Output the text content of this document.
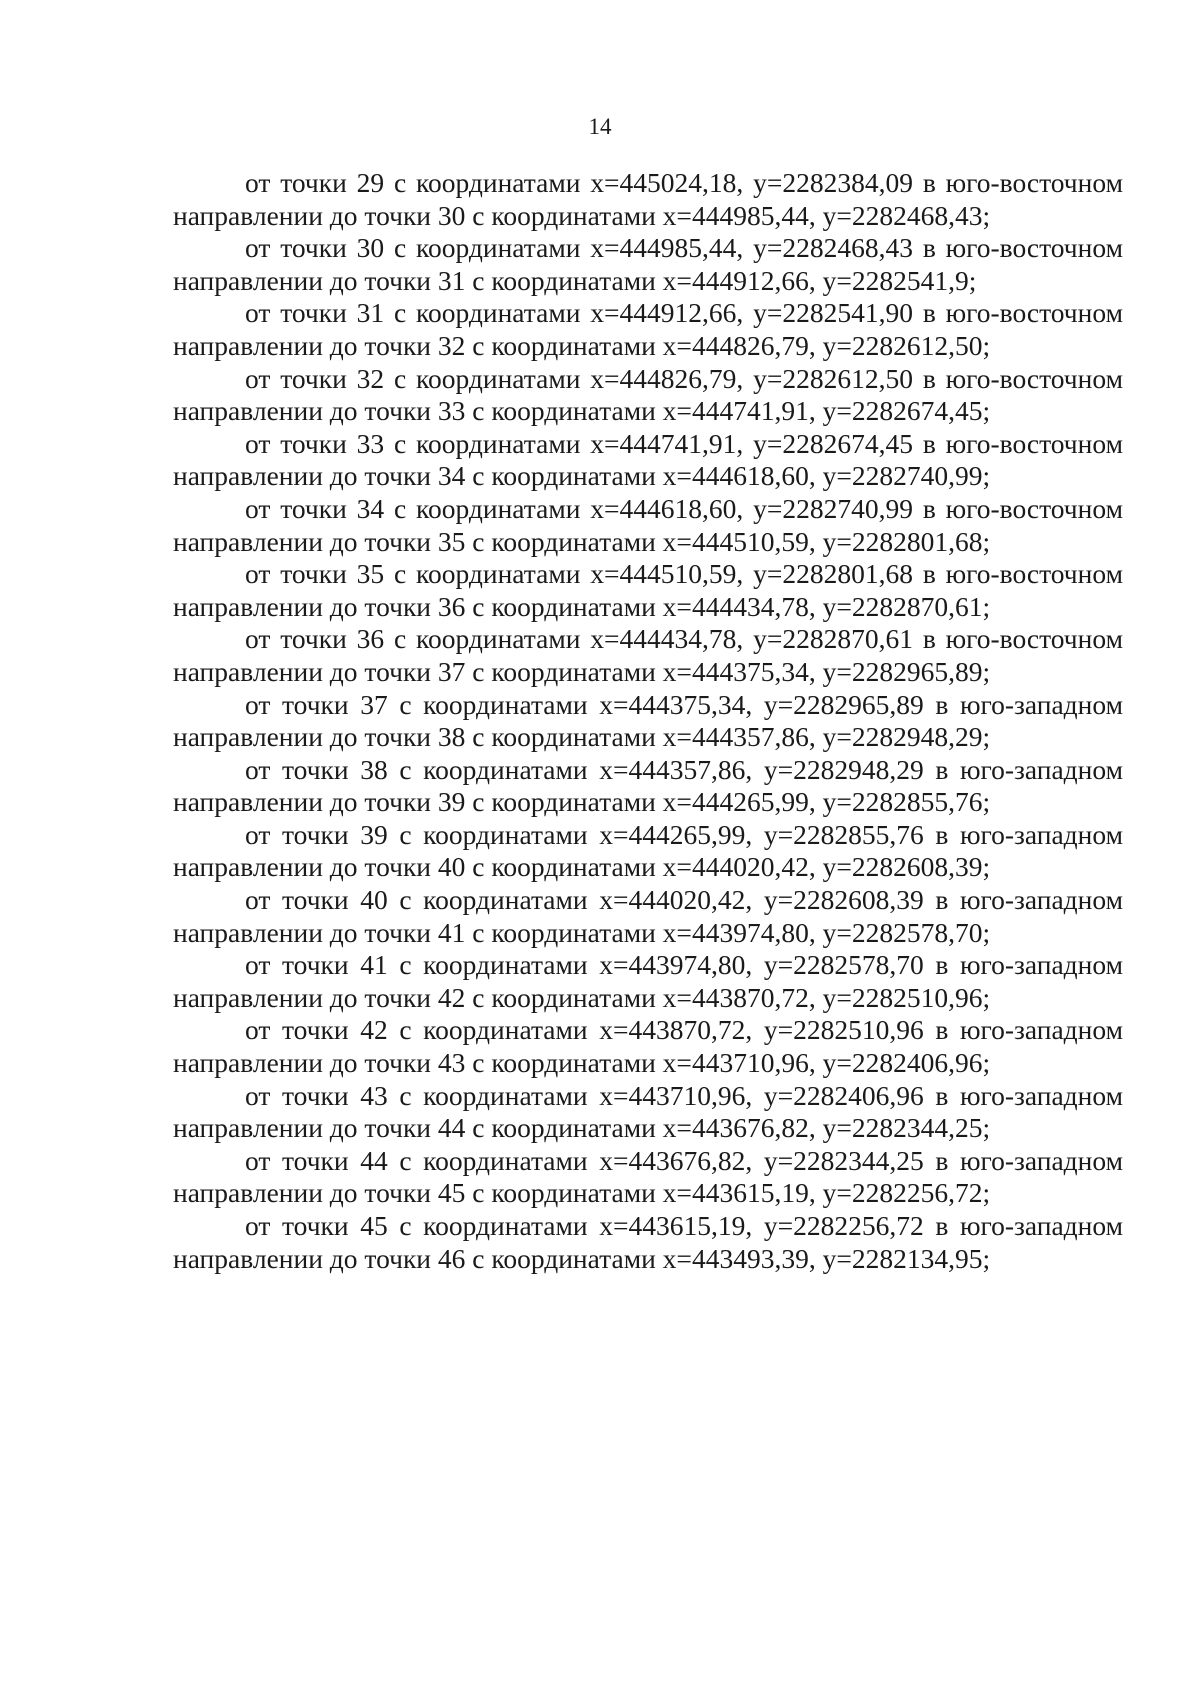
14

от точки 29 с координатами х=445024,18, у=2282384,09 в юго-восточном направлении до точки 30 с координатами х=444985,44, у=2282468,43;

от точки 30 с координатами х=444985,44, у=2282468,43 в юго-восточном направлении до точки 31 с координатами х=444912,66, у=2282541,9;

от точки 31 с координатами х=444912,66, у=2282541,90 в юго-восточном направлении до точки 32 с координатами х=444826,79, у=2282612,50;

от точки 32 с координатами х=444826,79, у=2282612,50 в юго-восточном направлении до точки 33 с координатами х=444741,91, у=2282674,45;

от точки 33 с координатами х=444741,91, у=2282674,45 в юго-восточном направлении до точки 34 с координатами х=444618,60, у=2282740,99;

от точки 34 с координатами х=444618,60, у=2282740,99 в юго-восточном направлении до точки 35 с координатами х=444510,59, у=2282801,68;

от точки 35 с координатами х=444510,59, у=2282801,68 в юго-восточном направлении до точки 36 с координатами х=444434,78, у=2282870,61;

от точки 36 с координатами х=444434,78, у=2282870,61 в юго-восточном направлении до точки 37 с координатами х=444375,34, у=2282965,89;

от точки 37 с координатами х=444375,34, у=2282965,89 в юго-западном направлении до точки 38 с координатами х=444357,86, у=2282948,29;

от точки 38 с координатами х=444357,86, у=2282948,29 в юго-западном направлении до точки 39 с координатами х=444265,99, у=2282855,76;

от точки 39 с координатами х=444265,99, у=2282855,76 в юго-западном направлении до точки 40 с координатами х=444020,42, у=2282608,39;

от точки 40 с координатами х=444020,42, у=2282608,39 в юго-западном направлении до точки 41 с координатами х=443974,80, у=2282578,70;

от точки 41 с координатами х=443974,80, у=2282578,70 в юго-западном направлении до точки 42 с координатами х=443870,72, у=2282510,96;

от точки 42 с координатами х=443870,72, у=2282510,96 в юго-западном направлении до точки 43 с координатами х=443710,96, у=2282406,96;

от точки 43 с координатами х=443710,96, у=2282406,96 в юго-западном направлении до точки 44 с координатами х=443676,82, у=2282344,25;

от точки 44 с координатами х=443676,82, у=2282344,25 в юго-западном направлении до точки 45 с координатами х=443615,19, у=2282256,72;

от точки 45 с координатами х=443615,19, у=2282256,72 в юго-западном направлении до точки 46 с координатами х=443493,39, у=2282134,95;
